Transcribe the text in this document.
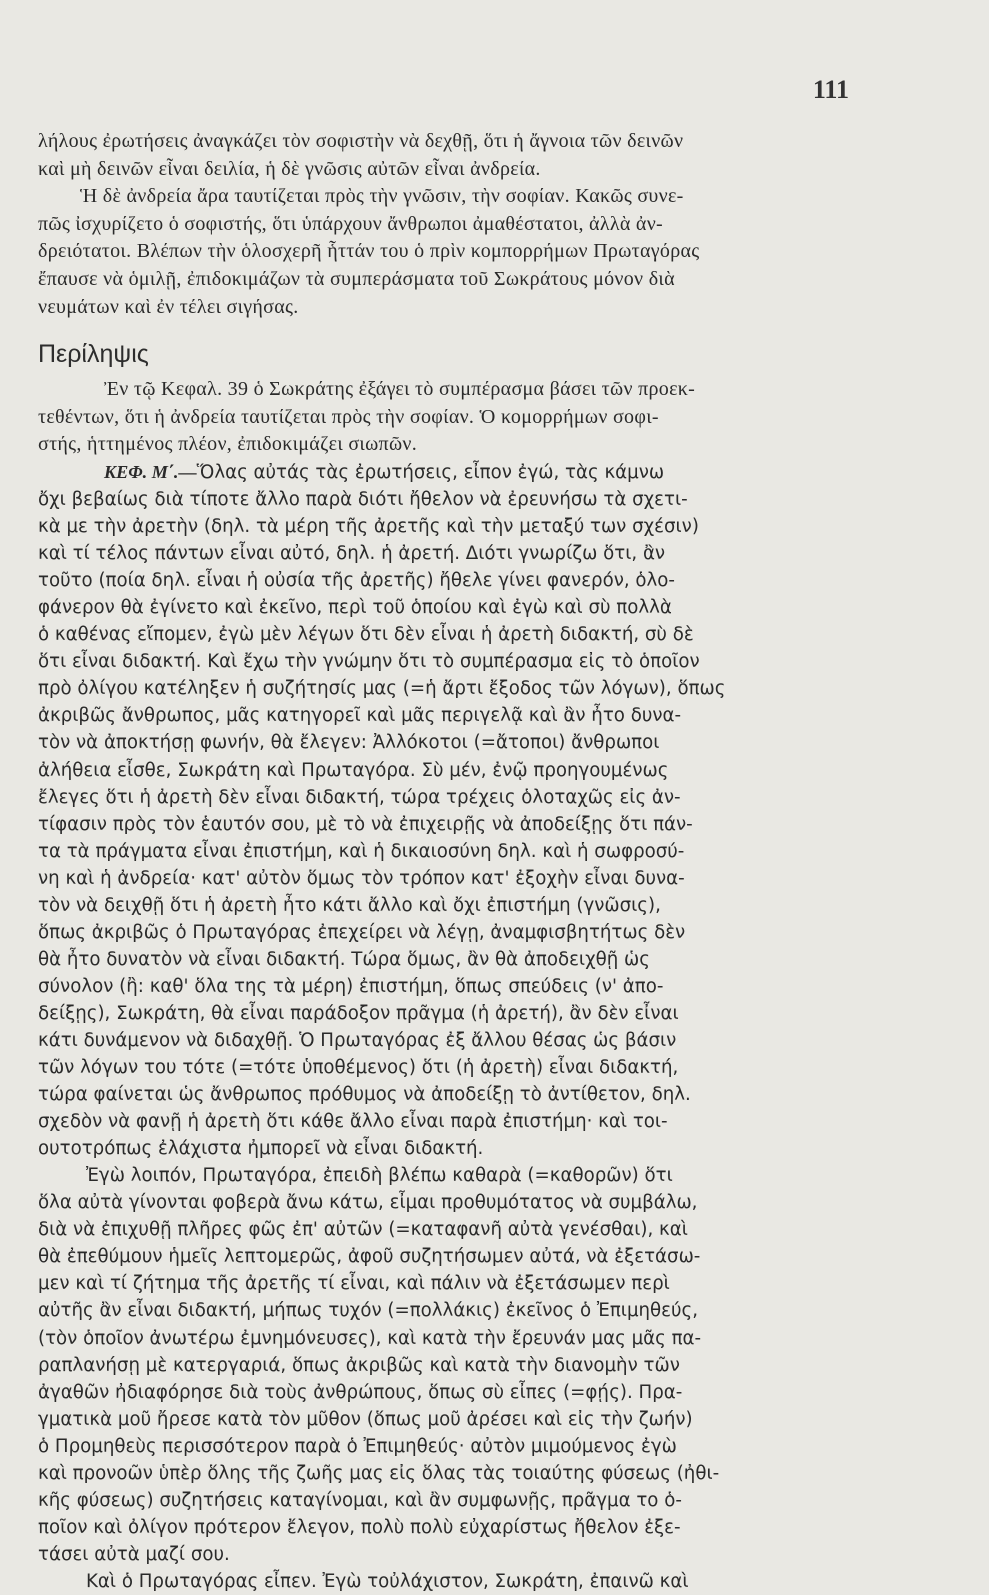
111
λήλους ἐρωτήσεις ἀναγκάζει τὸν σοφιστὴν νὰ δεχθῇ, ὅτι ἡ ἄγνοια τῶν δεινῶν
καὶ μὴ δεινῶν εἶναι δειλία, ἡ δὲ γνῶσις αὐτῶν εἶναι ἀνδρεία.
Ἡ δὲ ἀνδρεία ἄρα ταυτίζεται πρὸς τὴν γνῶσιν, τὴν σοφίαν. Κακῶς συνε-
πῶς ἰσχυρίζετο ὁ σοφιστής, ὅτι ὑπάρχουν ἄνθρωποι ἀμαθέστατοι, ἀλλὰ ἀν-
δρειότατοι. Βλέπων τὴν ὁλοσχερῆ ἧττάν του ὁ πρὶν κομπορρήμων Πρωταγόρας
ἔπαυσε νὰ ὁμιλῇ, ἐπιδοκιμάζων τὰ συμπεράσματα τοῦ Σωκράτους μόνον διὰ
νευμάτων καὶ ἐν τέλει σιγήσας.
Περίληψις
Ἐν τῷ Κεφαλ. 39 ὁ Σωκράτης ἐξάγει τὸ συμπέρασμα βάσει τῶν προεκ-
τεθέντων, ὅτι ἡ ἀνδρεία ταυτίζεται πρὸς τὴν σοφίαν. Ὁ κομορρήμων σοφι-
στής, ἡττημένος πλέον, ἐπιδοκιμάζει σιωπῶν.
ΚΕΦ. Μ΄.—Ὅλας αὐτάς τὰς ἐρωτήσεις, εἶπον ἐγώ, τὰς κάμνω
ὄχι βεβαίως διὰ τίποτε ἄλλο παρὰ διότι ἤθελον νὰ ἐρευνήσω τὰ σχετι-
κὰ με τὴν ἀρετὴν (δηλ. τὰ μέρη τῆς ἀρετῆς καὶ τὴν μεταξύ των σχέσιν)
καὶ τί τέλος πάντων εἶναι αὐτό, δηλ. ἡ ἀρετή. Διότι γνωρίζω ὅτι, ἂν
τοῦτο (ποία δηλ. εἶναι ἡ οὐσία τῆς ἀρετῆς) ἤθελε γίνει φανερόν, ὁλο-
φάνερον θὰ ἐγίνετο καὶ ἐκεῖνο, περὶ τοῦ ὁποίου καὶ ἐγὼ καὶ σὺ πολλὰ
ὁ καθένας εἴπομεν, ἐγὼ μὲν λέγων ὅτι δὲν εἶναι ἡ ἀρετὴ διδακτή, σὺ δὲ
ὅτι εἶναι διδακτή. Καὶ ἔχω τὴν γνώμην ὅτι τὸ συμπέρασμα εἰς τὸ ὁποῖον
πρὸ ὀλίγου κατέληξεν ἡ συζήτησίς μας (=ἡ ἄρτι ἔξοδος τῶν λόγων), ὅπως
ἀκριβῶς ἄνθρωπος, μᾶς κατηγορεῖ καὶ μᾶς περιγελᾷ καὶ ἂν ἦτο δυνα-
τὸν νὰ ἀποκτήσῃ φωνήν, θὰ ἔλεγεν: Ἀλλόκοτοι (=ἄτοποι) ἄνθρωποι
ἀλήθεια εἶσθε, Σωκράτη καὶ Πρωταγόρα. Σὺ μέν, ἐνῷ προηγουμένως
ἔλεγες ὅτι ἡ ἀρετὴ δὲν εἶναι διδακτή, τώρα τρέχεις ὁλοταχῶς εἰς ἀν-
τίφασιν πρὸς τὸν ἑαυτόν σου, μὲ τὸ νὰ ἐπιχειρῇς νὰ ἀποδείξῃς ὅτι πάν-
τα τὰ πράγματα εἶναι ἐπιστήμη, καὶ ἡ δικαιοσύνη δηλ. καὶ ἡ σωφροσύ-
νη καὶ ἡ ἀνδρεία· κατ' αὐτὸν ὅμως τὸν τρόπον κατ' ἐξοχὴν εἶναι δυνα-
τὸν νὰ δειχθῇ ὅτι ἡ ἀρετὴ ἦτο κάτι ἄλλο καὶ ὄχι ἐπιστήμη (γνῶσις),
ὅπως ἀκριβῶς ὁ Πρωταγόρας ἐπεχείρει νὰ λέγῃ, ἀναμφισβητήτως δὲν
θὰ ἦτο δυνατὸν νὰ εἶναι διδακτή. Τώρα ὅμως, ἂν θὰ ἀποδειχθῇ ὡς
σύνολον (ἢ: καθ' ὅλα της τὰ μέρη) ἐπιστήμη, ὅπως σπεύδεις (ν' ἀπο-
δείξῃς), Σωκράτη, θὰ εἶναι παράδοξον πρᾶγμα (ἡ ἀρετή), ἂν δὲν εἶναι
κάτι δυνάμενον νὰ διδαχθῇ. Ὁ Πρωταγόρας ἐξ ἄλλου θέσας ὡς βάσιν
τῶν λόγων του τότε (=τότε ὑποθέμενος) ὅτι (ἡ ἀρετὴ) εἶναι διδακτή,
τώρα φαίνεται ὡς ἄνθρωπος πρόθυμος νὰ ἀποδείξῃ τὸ ἀντίθετον, δηλ.
σχεδὸν νὰ φανῇ ἡ ἀρετὴ ὅτι κάθε ἄλλο εἶναι παρὰ ἐπιστήμη· καὶ τοι-
ουτοτρόπως ἐλάχιστα ἠμπορεῖ νὰ εἶναι διδακτή.
Ἐγὼ λοιπόν, Πρωταγόρα, ἐπειδὴ βλέπω καθαρὰ (=καθορῶν) ὅτι
ὅλα αὐτὰ γίνονται φοβερὰ ἄνω κάτω, εἶμαι προθυμότατος νὰ συμβάλω,
διὰ νὰ ἐπιχυθῇ πλῆρες φῶς ἐπ' αὐτῶν (=καταφανῆ αὐτὰ γενέσθαι), καὶ
θὰ ἐπεθύμουν ἡμεῖς λεπτομερῶς, ἀφοῦ συζητήσωμεν αὐτά, νὰ ἐξετάσω-
μεν καὶ τί ζήτημα τῆς ἀρετῆς τί εἶναι, καὶ πάλιν νὰ ἐξετάσωμεν περὶ
αὐτῆς ἂν εἶναι διδακτή, μήπως τυχόν (=πολλάκις) ἐκεῖνος ὁ Ἐπιμηθεύς,
(τὸν ὁποῖον ἀνωτέρω ἐμνημόνευσες), καὶ κατὰ τὴν ἔρευνάν μας μᾶς πα-
ραπλανήσῃ μὲ κατεργαριά, ὅπως ἀκριβῶς καὶ κατὰ τὴν διανομὴν τῶν
ἀγαθῶν ἠδιαφόρησε διὰ τοὺς ἀνθρώπους, ὅπως σὺ εἶπες (=φῄς). Πρα-
γματικὰ μοῦ ἤρεσε κατὰ τὸν μῦθον (ὅπως μοῦ ἀρέσει καὶ εἰς τὴν ζωήν)
ὁ Προμηθεὺς περισσότερον παρὰ ὁ Ἐπιμηθεύς· αὐτὸν μιμούμενος ἐγὼ
καὶ προνοῶν ὑπὲρ ὅλης τῆς ζωῆς μας εἰς ὅλας τὰς τοιαύτης φύσεως (ἠθι-
κῆς φύσεως) συζητήσεις καταγίνομαι, καὶ ἂν συμφωνῇς, πρᾶγμα το ὁ-
ποῖον καὶ ὀλίγον πρότερον ἔλεγον, πολὺ πολὺ εὐχαρίστως ἤθελον ἐξε-
τάσει αὐτὰ μαζί σου.
Καὶ ὁ Πρωταγόρας εἶπεν. Ἐγὼ τοὐλάχιστον, Σωκράτη, ἐπαινῶ καὶ
